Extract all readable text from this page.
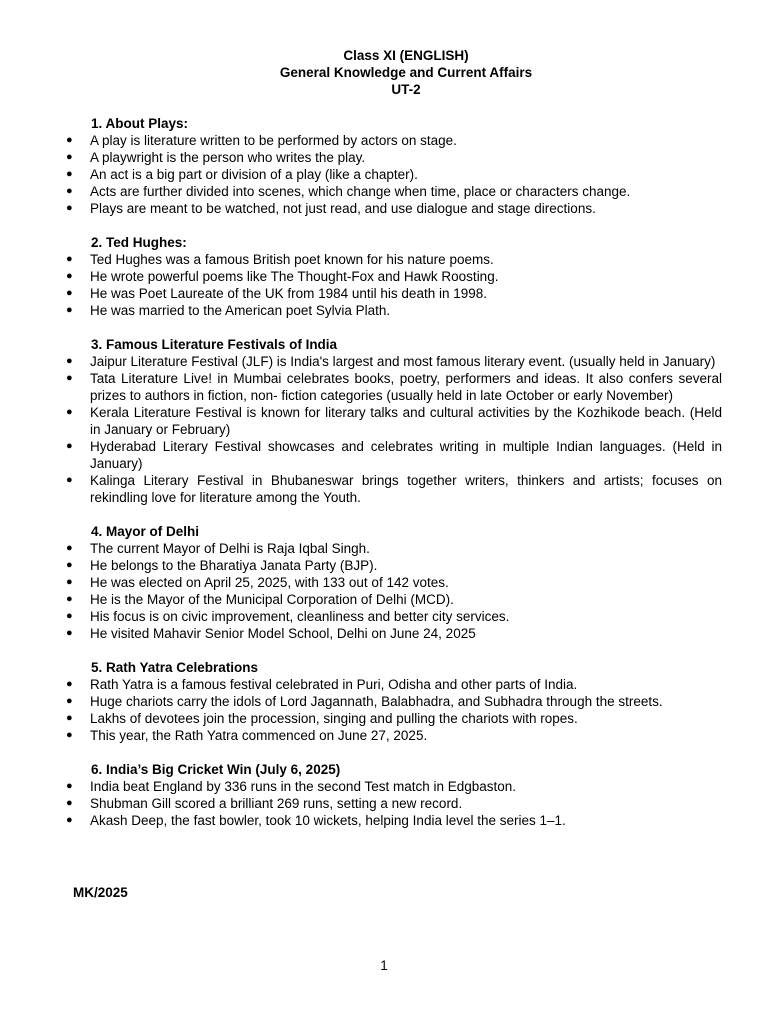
Class XI (ENGLISH)
General Knowledge and Current Affairs
UT-2
1. About Plays:
●	A play is literature written to be performed by actors on stage.
●	A playwright is the person who writes the play.
●	An act is a big part or division of a play (like a chapter).
●	Acts are further divided into scenes, which change when time, place or characters change.
●	Plays are meant to be watched, not just read, and use dialogue and stage directions.
2. Ted Hughes:
●	Ted Hughes was a famous British poet known for his nature poems.
●	He wrote powerful poems like The Thought-Fox and Hawk Roosting.
●	He was Poet Laureate of the UK from 1984 until his death in 1998.
●	He was married to the American poet Sylvia Plath.
3. Famous Literature Festivals of India
●	Jaipur Literature Festival (JLF) is India's largest and most famous literary event. (usually held in January)
●	Tata Literature Live! in Mumbai celebrates books, poetry, performers and ideas. It also confers several prizes to authors in fiction, non- fiction categories (usually held in late October or early November)
●	Kerala Literature Festival is known for literary talks and cultural activities by the Kozhikode beach. (Held in January or February)
●	Hyderabad Literary Festival showcases and celebrates writing in multiple Indian languages. (Held in January)
●	Kalinga Literary Festival in Bhubaneswar brings together writers, thinkers and artists; focuses on rekindling love for literature among the Youth.
4. Mayor of Delhi
●	The current Mayor of Delhi is Raja Iqbal Singh.
●	He belongs to the Bharatiya Janata Party (BJP).
●	He was elected on April 25, 2025, with 133 out of 142 votes.
●	He is the Mayor of the Municipal Corporation of Delhi (MCD).
●	His focus is on civic improvement, cleanliness and better city services.
●	He visited Mahavir Senior Model School, Delhi on June 24, 2025
5. Rath Yatra Celebrations
●	Rath Yatra is a famous festival celebrated in Puri, Odisha and other parts of India.
●	Huge chariots carry the idols of Lord Jagannath, Balabhadra, and Subhadra through the streets.
●	Lakhs of devotees join the procession, singing and pulling the chariots with ropes.
●	This year, the Rath Yatra commenced on June 27, 2025.
6. India’s Big Cricket Win (July 6, 2025)
●	India beat England by 336 runs in the second Test match in Edgbaston.
●	Shubman Gill scored a brilliant 269 runs, setting a new record.
●	Akash Deep, the fast bowler, took 10 wickets, helping India level the series 1–1.
MK/2025
1
